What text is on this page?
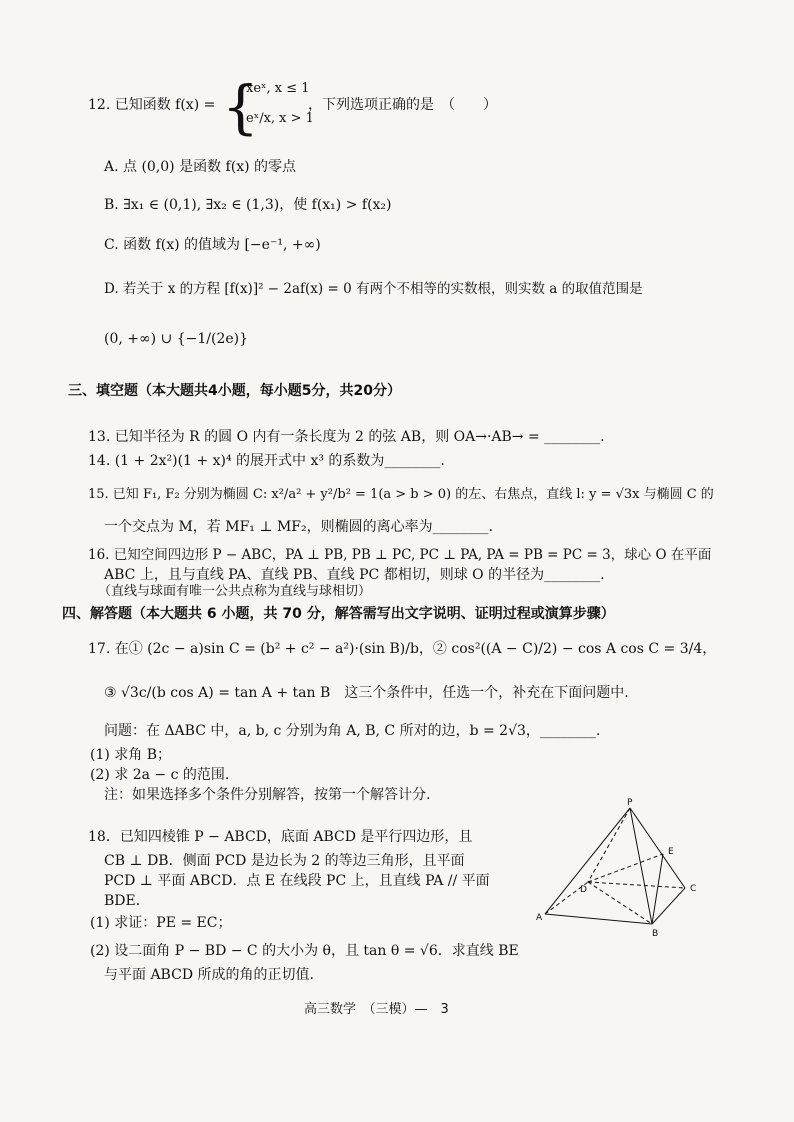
12. 已知函数 f(x) = {
xeˣ, x ≤ 1
eˣ/x, x > 1
，下列选项正确的是　（　　）
A. 点 (0,0) 是函数 f(x) 的零点
B. ∃x₁ ∈ (0,1), ∃x₂ ∈ (1,3)，使 f(x₁) > f(x₂)
C. 函数 f(x) 的值域为 [−e⁻¹, +∞)
D. 若关于 x 的方程 [f(x)]² − 2af(x) = 0 有两个不相等的实数根，则实数 a 的取值范围是
(0, +∞) ∪ {−1/(2e)}
三、填空题（本大题共4小题，每小题5分，共20分）
13. 已知半径为 R 的圆 O 内有一条长度为 2 的弦 AB，则 OA→·AB→ = ________.
14. (1 + 2x²)(1 + x)⁴ 的展开式中 x³ 的系数为________.
15. 已知 F₁, F₂ 分别为椭圆 C: x²/a² + y²/b² = 1(a > b > 0) 的左、右焦点，直线 l: y = √3x 与椭圆 C 的
一个交点为 M，若 MF₁ ⊥ MF₂，则椭圆的离心率为________.
16. 已知空间四边形 P − ABC，PA ⊥ PB, PB ⊥ PC, PC ⊥ PA, PA = PB = PC = 3，球心 O 在平面
ABC 上，且与直线 PA、直线 PB、直线 PC 都相切，则球 O 的半径为________.
（直线与球面有唯一公共点称为直线与球相切）
四、解答题（本大题共 6 小题，共 70 分，解答需写出文字说明、证明过程或演算步骤）
17. 在① (2c − a)sin C = (b² + c² − a²)·(sin B)/b，② cos²((A − C)/2) − cos A cos C = 3/4，
③ √3c/(b cos A) = tan A + tan B　这三个条件中，任选一个，补充在下面问题中.
问题：在 ΔABC 中，a, b, c 分别为角 A, B, C 所对的边，b = 2√3，________.
(1) 求角 B；
(2) 求 2a − c 的范围.
注：如果选择多个条件分别解答，按第一个解答计分.
18．已知四棱锥 P − ABCD，底面 ABCD 是平行四边形，且
CB ⊥ DB．侧面 PCD 是边长为 2 的等边三角形，且平面
PCD ⊥ 平面 ABCD．点 E 在线段 PC 上，且直线 PA // 平面
BDE．
(1) 求证：PE = EC；
(2) 设二面角 P − BD − C 的大小为 θ，且 tan θ = √6．求直线 BE
与平面 ABCD 所成的角的正切值.
P
E
D	C
A
B
高三数学　（三模）—　3
